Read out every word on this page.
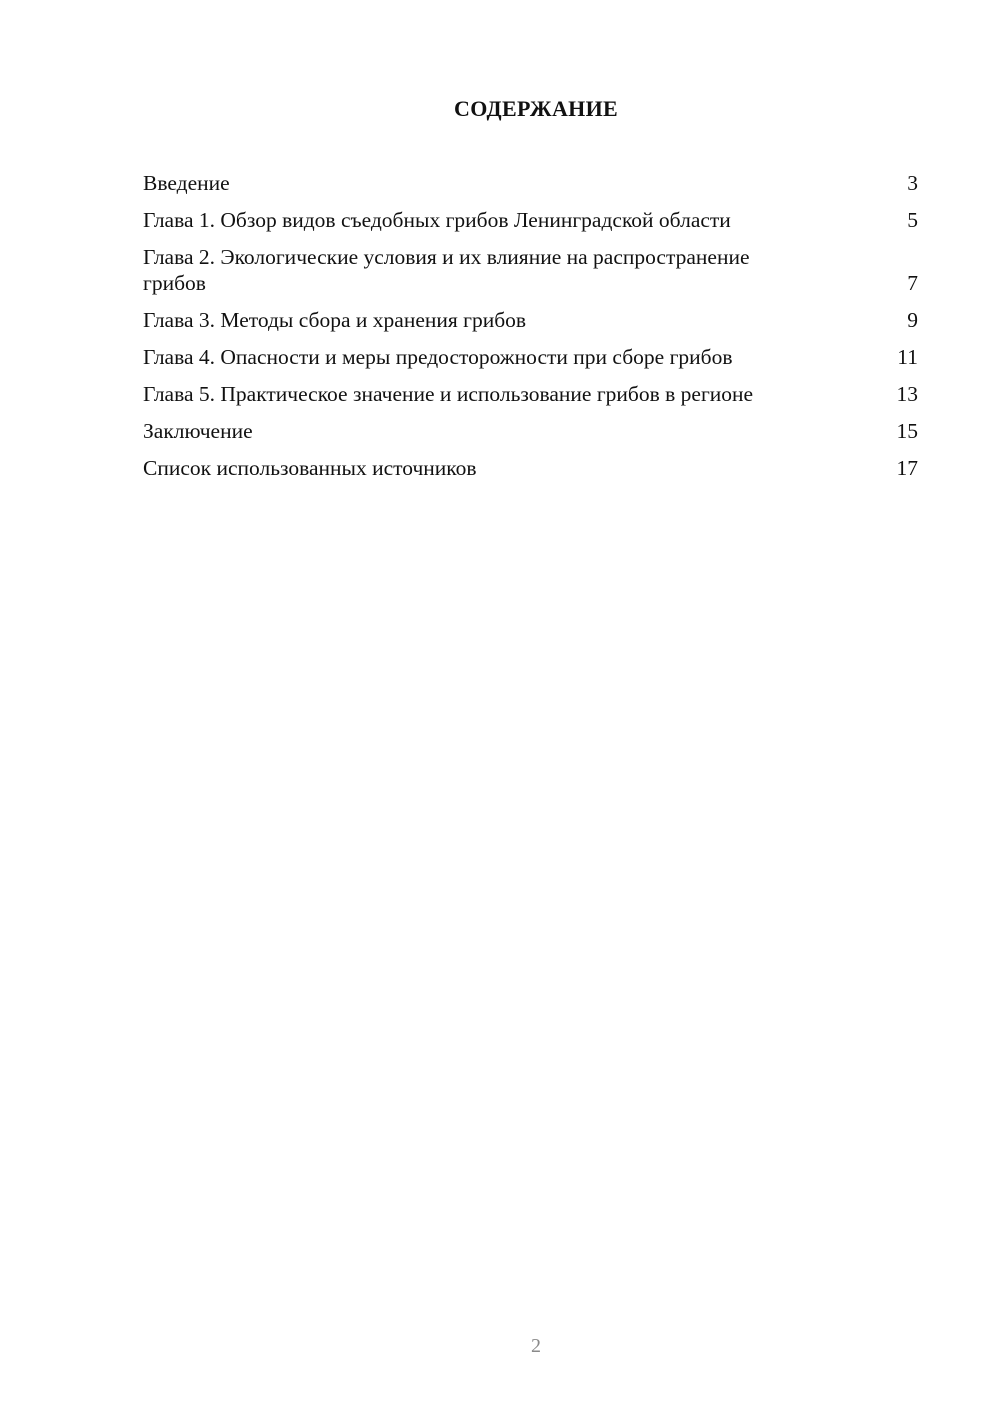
СОДЕРЖАНИЕ
Введение	3
Глава 1. Обзор видов съедобных грибов Ленинградской области	5
Глава 2. Экологические условия и их влияние на распространение грибов	7
Глава 3. Методы сбора и хранения грибов	9
Глава 4. Опасности и меры предосторожности при сборе грибов	11
Глава 5. Практическое значение и использование грибов в регионе	13
Заключение	15
Список использованных источников	17
2
